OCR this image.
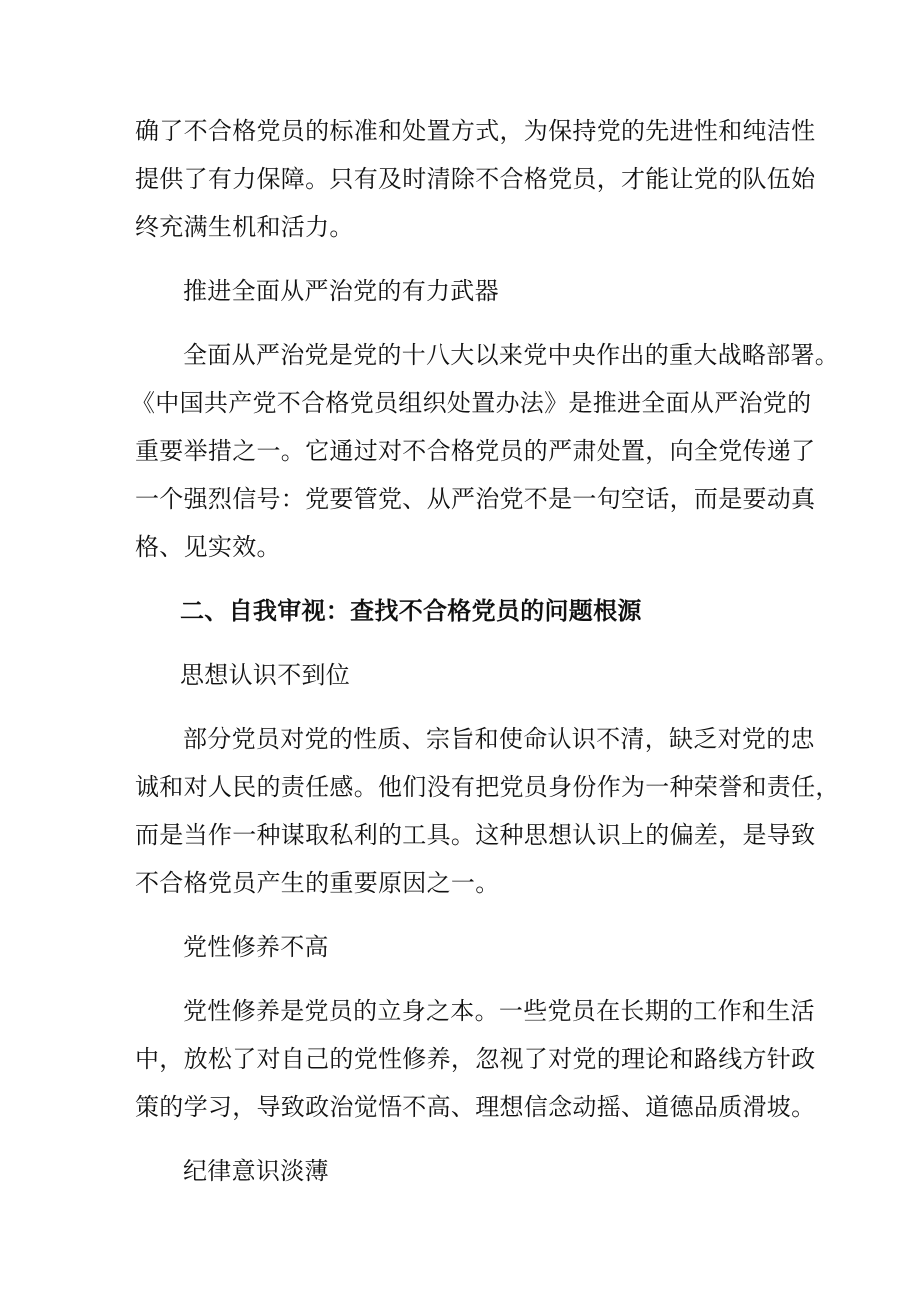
确了不合格党员的标准和处置方式，为保持党的先进性和纯洁性
提供了有力保障。只有及时清除不合格党员，才能让党的队伍始
终充满生机和活力。
推进全面从严治党的有力武器
全面从严治党是党的十八大以来党中央作出的重大战略部署。
《中国共产党不合格党员组织处置办法》是推进全面从严治党的
重要举措之一。它通过对不合格党员的严肃处置，向全党传递了
一个强烈信号：党要管党、从严治党不是一句空话，而是要动真
格、见实效。
二、自我审视：查找不合格党员的问题根源
思想认识不到位
部分党员对党的性质、宗旨和使命认识不清，缺乏对党的忠
诚和对人民的责任感。他们没有把党员身份作为一种荣誉和责任，
而是当作一种谋取私利的工具。这种思想认识上的偏差，是导致
不合格党员产生的重要原因之一。
党性修养不高
党性修养是党员的立身之本。一些党员在长期的工作和生活
中，放松了对自己的党性修养，忽视了对党的理论和路线方针政
策的学习，导致政治觉悟不高、理想信念动摇、道德品质滑坡。
纪律意识淡薄
